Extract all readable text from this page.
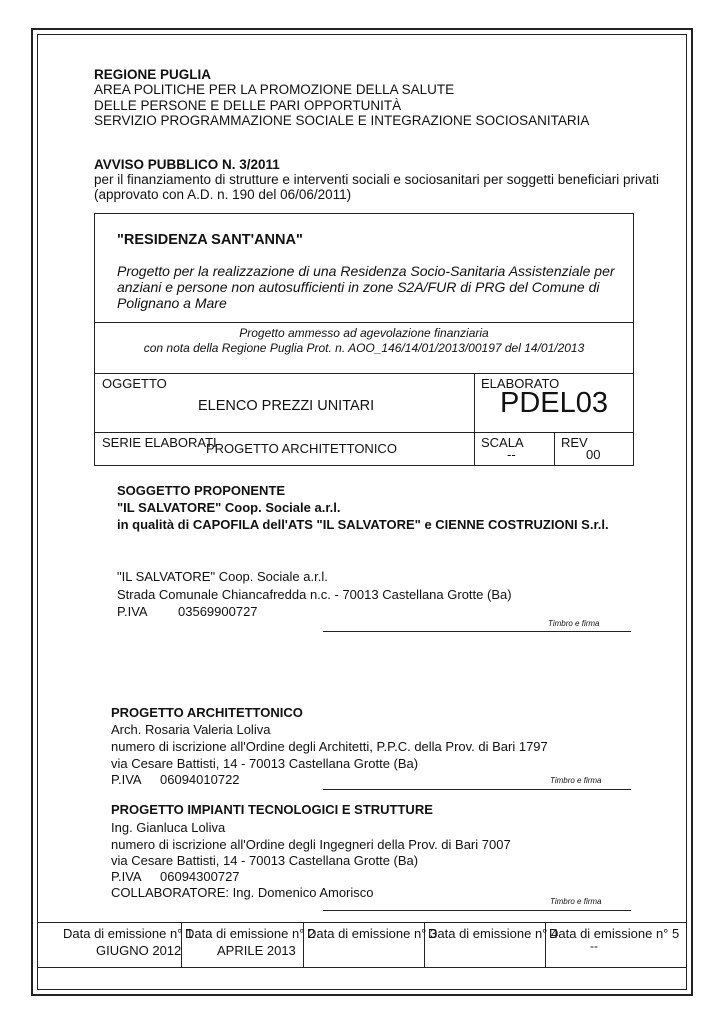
REGIONE PUGLIA
AREA POLITICHE PER LA PROMOZIONE DELLA SALUTE
DELLE PERSONE E DELLE PARI OPPORTUNITÀ
SERVIZIO PROGRAMMAZIONE SOCIALE E INTEGRAZIONE SOCIOSANITARIA
AVVISO PUBBLICO N. 3/2011
per il finanziamento di strutture e interventi sociali e sociosanitari per soggetti beneficiari privati
(approvato con A.D. n. 190 del 06/06/2011)
"RESIDENZA SANT'ANNA"
Progetto per la realizzazione di una Residenza Socio-Sanitaria Assistenziale per
anziani e persone non autosufficienti in zone S2A/FUR di PRG del Comune di
Polignano a Mare
Progetto ammesso ad agevolazione finanziaria
con nota della Regione Puglia Prot. n. AOO_146/14/01/2013/00197 del 14/01/2013
OGGETTO
ELENCO PREZZI UNITARI
ELABORATO
PDEL03
SERIE ELABORATI
PROGETTO ARCHITETTONICO	SCALA
--
REV
00
SOGGETTO PROPONENTE
"IL SALVATORE" Coop. Sociale a.r.l.
in qualità di CAPOFILA dell'ATS "IL SALVATORE" e CIENNE COSTRUZIONI S.r.l.
"IL SALVATORE" Coop. Sociale a.r.l.
Strada Comunale Chiancafredda n.c. - 70013 Castellana Grotte (Ba)
P.IVA 03569900727
Timbro e firma
PROGETTO ARCHITETTONICO
Arch. Rosaria Valeria Loliva
numero di iscrizione all'Ordine degli Architetti, P.P.C. della Prov. di Bari 1797
via Cesare Battisti, 14 - 70013 Castellana Grotte (Ba)
P.IVA 06094010722	Timbro e firma
PROGETTO IMPIANTI TECNOLOGICI E STRUTTURE
Ing. Gianluca Loliva
numero di iscrizione all'Ordine degli Ingegneri della Prov. di Bari 7007
via Cesare Battisti, 14 - 70013 Castellana Grotte (Ba)
P.IVA 06094300727
COLLABORATORE: Ing. Domenico Amorisco
Timbro e firma
Data di emissione n° 1
GIUGNO 2012
Data di emissione n° 2
APRILE 2013
Data di emissione n° 3
Data di emissione n° 4
Data di emissione n° 5
--
